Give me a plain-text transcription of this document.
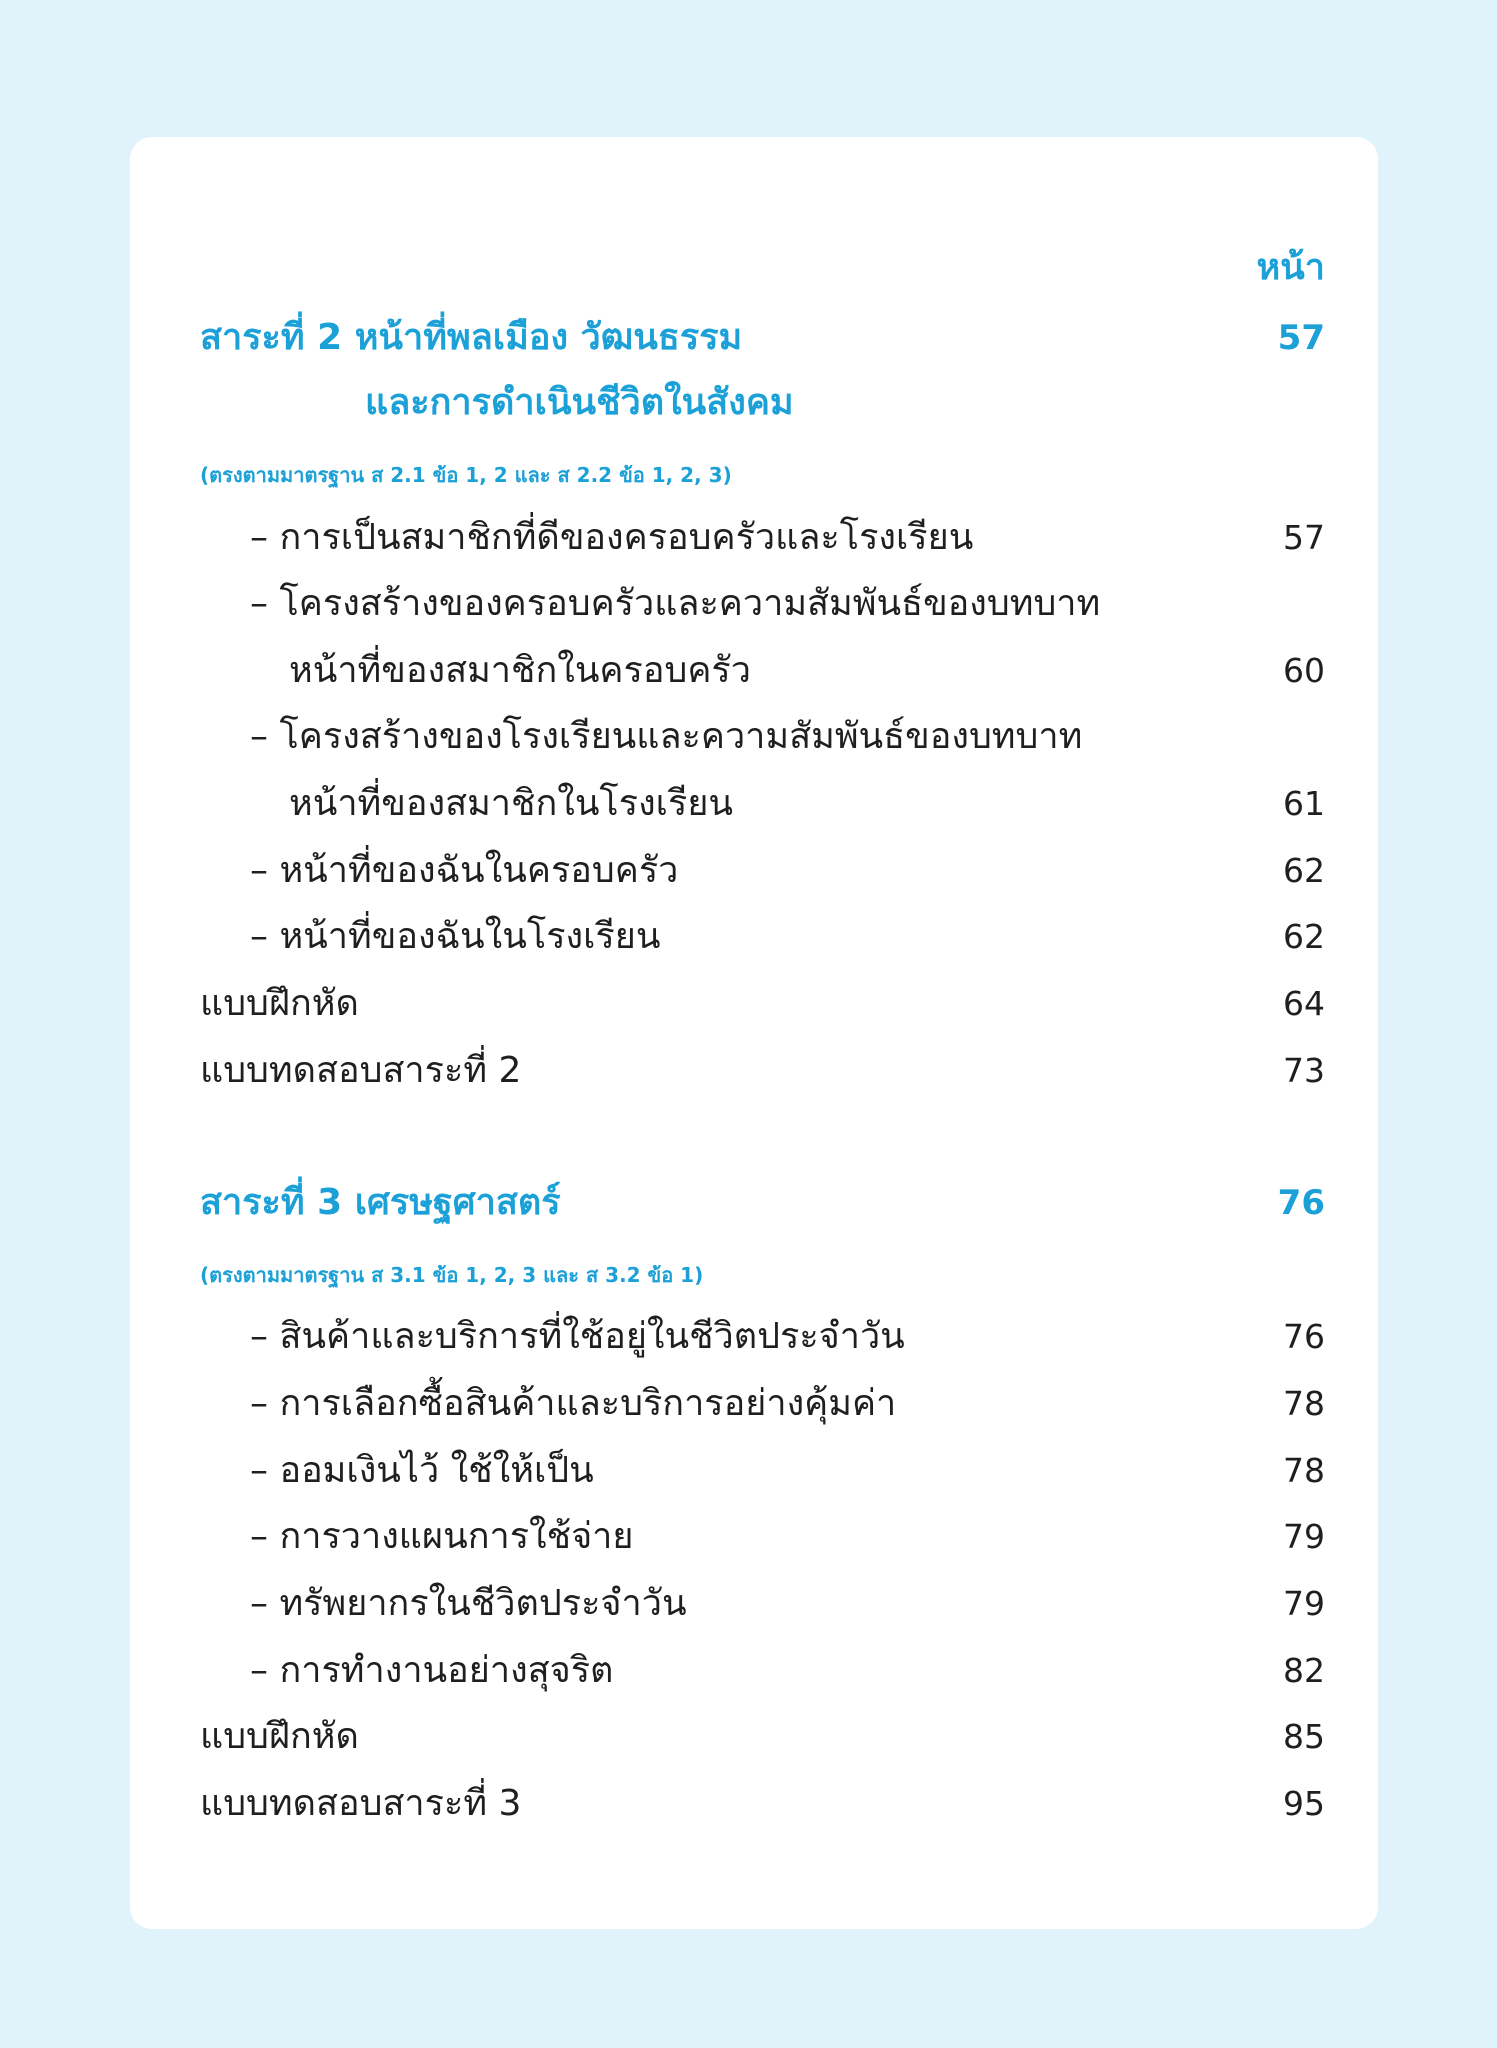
หน้า
สาระที่ 2 หน้าที่พลเมือง วัฒนธรรม	57
และการดำเนินชีวิตในสังคม
(ตรงตามมาตรฐาน ส 2.1 ข้อ 1, 2 และ ส 2.2 ข้อ 1, 2, 3)
– การเป็นสมาชิกที่ดีของครอบครัวและโรงเรียน	57
– โครงสร้างของครอบครัวและความสัมพันธ์ของบทบาท
หน้าที่ของสมาชิกในครอบครัว	60
– โครงสร้างของโรงเรียนและความสัมพันธ์ของบทบาท
หน้าที่ของสมาชิกในโรงเรียน	61
– หน้าที่ของฉันในครอบครัว	62
– หน้าที่ของฉันในโรงเรียน	62
แบบฝึกหัด	64
แบบทดสอบสาระที่ 2	73
สาระที่ 3 เศรษฐศาสตร์	76
(ตรงตามมาตรฐาน ส 3.1 ข้อ 1, 2, 3 และ ส 3.2 ข้อ 1)
– สินค้าและบริการที่ใช้อยู่ในชีวิตประจำวัน	76
– การเลือกซื้อสินค้าและบริการอย่างคุ้มค่า	78
– ออมเงินไว้ ใช้ให้เป็น	78
– การวางแผนการใช้จ่าย	79
– ทรัพยากรในชีวิตประจำวัน	79
– การทำงานอย่างสุจริต	82
แบบฝึกหัด	85
แบบทดสอบสาระที่ 3	95
